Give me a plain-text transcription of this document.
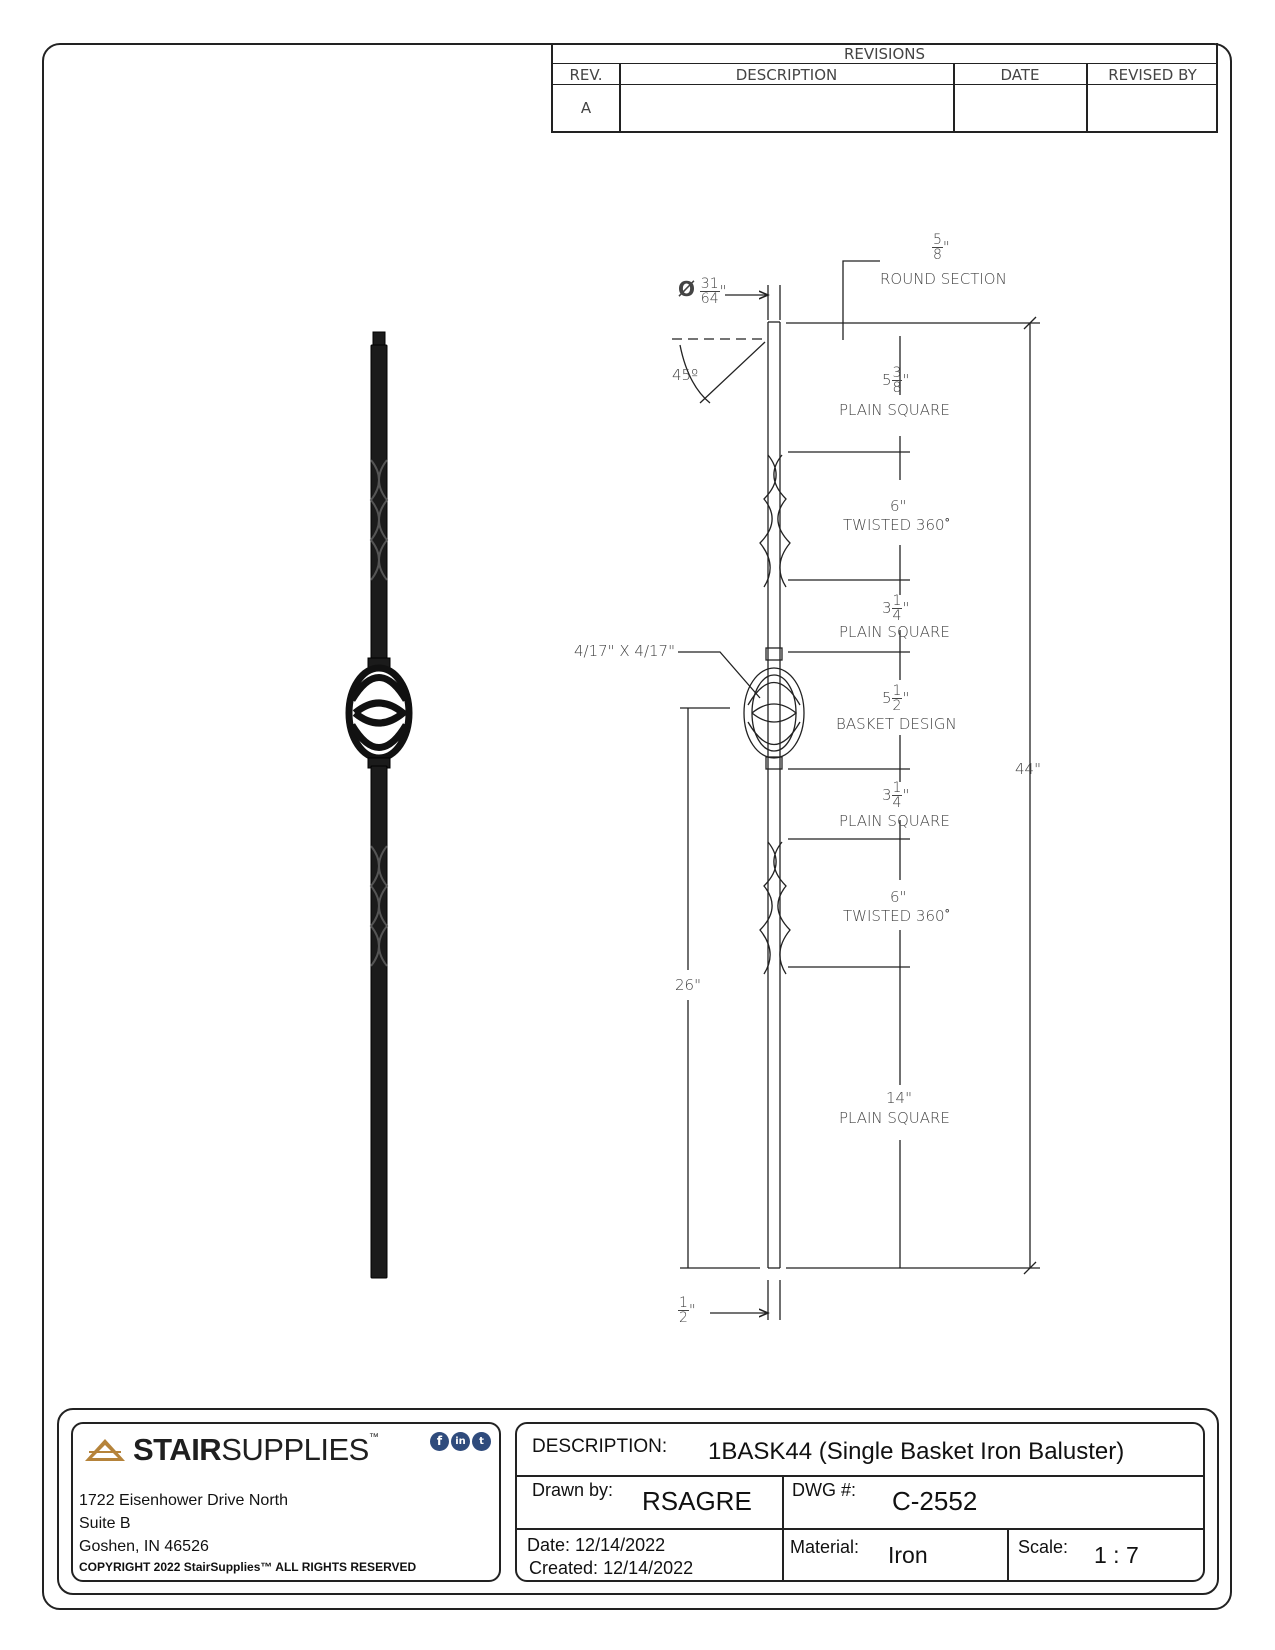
REVISIONS
REV.	DESCRIPTION	DATE	REVISED BY
A
Ø $\frac{31}{64}$ "
$\frac{5}{8}$ "
ROUND SECTION
45º	$5 \frac{3}{8}$ "
PLAIN SQUARE
6"
TWISTED 360°
$3 \frac{1}{4}$ "
PLAIN SQUARE
4/17" X 4/17"
$5 \frac{1}{2}$ "
BASKET DESIGN
44"
$3 \frac{1}{4}$ "
PLAIN SQUARE
6"
TWISTED 360°
26"
14"
PLAIN SQUARE
$\frac{1}{2}$ "
STAIRSUPPLIES™	f	in	t
1722 Eisenhower Drive North
Suite B
Goshen, IN 46526
COPYRIGHT 2022 StairSupplies™ ALL RIGHTS RESERVED
DESCRIPTION: 1BASK44 (Single Basket Iron Baluster)
Drawn by: RSAGRE DWG #: C-2552
Date: 12/14/2022
Created: 12/14/2022
Material: Iron	Scale: 1 : 7
